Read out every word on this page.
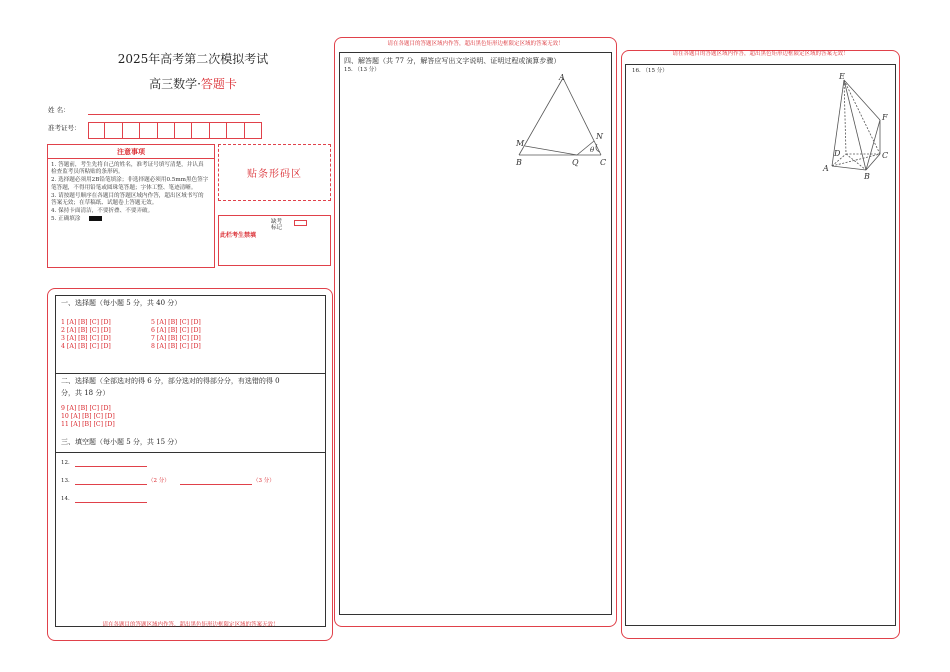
2025年高考第二次模拟考试
高三数学·答题卡
姓 名：
准考证号：
注意事项
1. 答题前，考生先将自己的姓名，准考证号填写清楚，并认真检查监考员所粘贴的条形码。
2. 选择题必须用2B铅笔填涂；非选择题必须用0.5mm黑色签字笔答题，不得用铅笔或圆珠笔答题；字体工整、笔迹清晰。
3. 请按题号顺序在各题目的答题区域内作答，超出区域书写的答案无效；在草稿纸、试题卷上答题无效。
4. 保持卡面清洁，不要折叠、不要弄破。
5. 正确填涂
贴条形码区
此栏考生禁填
缺考标记
一、选择题（每小题 5 分，共 40 分）
1 [A] [B] [C] [D]
2 [A] [B] [C] [D]
3 [A] [B] [C] [D]
4 [A] [B] [C] [D]
5 [A] [B] [C] [D]
6 [A] [B] [C] [D]
7 [A] [B] [C] [D]
8 [A] [B] [C] [D]
二、选择题（全部选对的得 6 分，部分选对的得部分分，有选错的得 0
分，共 18 分）
9 [A] [B] [C] [D]
10 [A] [B] [C] [D]
11 [A] [B] [C] [D]
三、填空题（每小题 5 分，共 15 分）
12.
13.	（2 分）	（3 分）
14.
请在各题目的答题区域内作答，超出黑色矩形边框限定区域的答案无效！
请在各题目的答题区域内作答，超出黑色矩形边框限定区域的答案无效！
四、解答题（共 77 分，解答应写出文字说明、证明过程或演算步骤）
15. （13 分）
A
M
N
B	Q	C
θ
请在各题目的答题区域内作答，超出黑色矩形边框限定区域的答案无效！
16. （15 分）
E
F
D	C
A
B
